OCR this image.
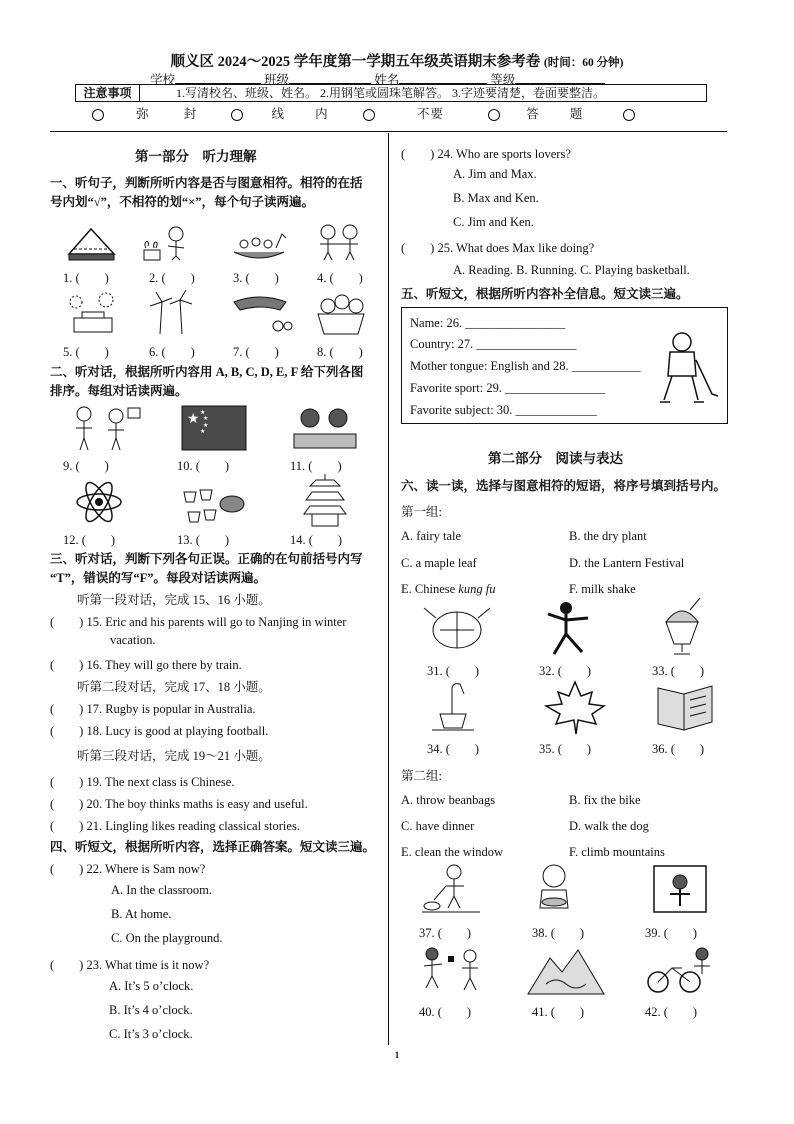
顺义区 2024～2025 学年度第一学期五年级英语期末参考卷 (时间：60 分钟)
学校	班级	姓名	等级
注意事项	1.写清校名、班级、姓名。 2.用钢笔或圆珠笔解答。 3.字迹要清楚，卷面要整洁。
弥	封	线 内	不要	答 题
第一部分　听力理解
一、听句子，判断所听内容是否与图意相符。相符的在括
号内划“√”，不相符的划“×”，每个句子读两遍。
1. (　　)	2. (　　)	3. (　　)	4. (　　)
5. (　　)	6. (　　)	7. (　　)	8. (　　)
二、听对话，根据所听内容用 A, B, C, D, E, F 给下列各图
排序。每组对话读两遍。
★ ★
★
★
★
9. (　　)	10. (　　)	11. (　　)
12. (　　)	13. (　　)	14. (　　)
三、听对话，判断下列各句正误。正确的在句前括号内写
“T”，错误的写“F”。每段对话读两遍。
听第一段对话，完成 15、16 小题。
(　　) 15. Eric and his parents will go to Nanjing in winter
vacation.
(　　) 16. They will go there by train.
听第二段对话，完成 17、18 小题。
(　　) 17. Rugby is popular in Australia.
(　　) 18. Lucy is good at playing football.
听第三段对话，完成 19～21 小题。
(　　) 19. The next class is Chinese.
(　　) 20. The boy thinks maths is easy and useful.
(　　) 21. Lingling likes reading classical stories.
四、听短文，根据所听内容，选择正确答案。短文读三遍。
(　　) 22. Where is Sam now?
A. In the classroom.
B. At home.
C. On the playground.
(　　) 23. What time is it now?
A. It’s 5 o’clock.
B. It’s 4 o’clock.
C. It’s 3 o’clock.
(　　) 24. Who are sports lovers?
A. Jim and Max.
B. Max and Ken.
C. Jim and Ken.
(　　) 25. What does Max like doing?
A. Reading. B. Running. C. Playing basketball.
五、听短文，根据所听内容补全信息。短文读三遍。
Name: 26. ________________
Country: 27. ________________
Mother tongue: English and 28. ___________
Favorite sport: 29. ________________
Favorite subject: 30. _____________
第二部分　阅读与表达
六、读一读，选择与图意相符的短语，将序号填到括号内。
第一组:
A. fairy tale	B. the dry plant
C. a maple leaf	D. the Lantern Festival
E. Chinese kung fu	F. milk shake
31. (　　)	32. (　　)	33. (　　)
34. (　　)	35. (　　)	36. (　　)
第二组:
A. throw beanbags	B. fix the bike
C. have dinner	D. walk the dog
E. clean the window	F. climb mountains
37. (　　)	38. (　　)	39. (　　)
40. (　　)	41. (　　)	42. (　　)
1
